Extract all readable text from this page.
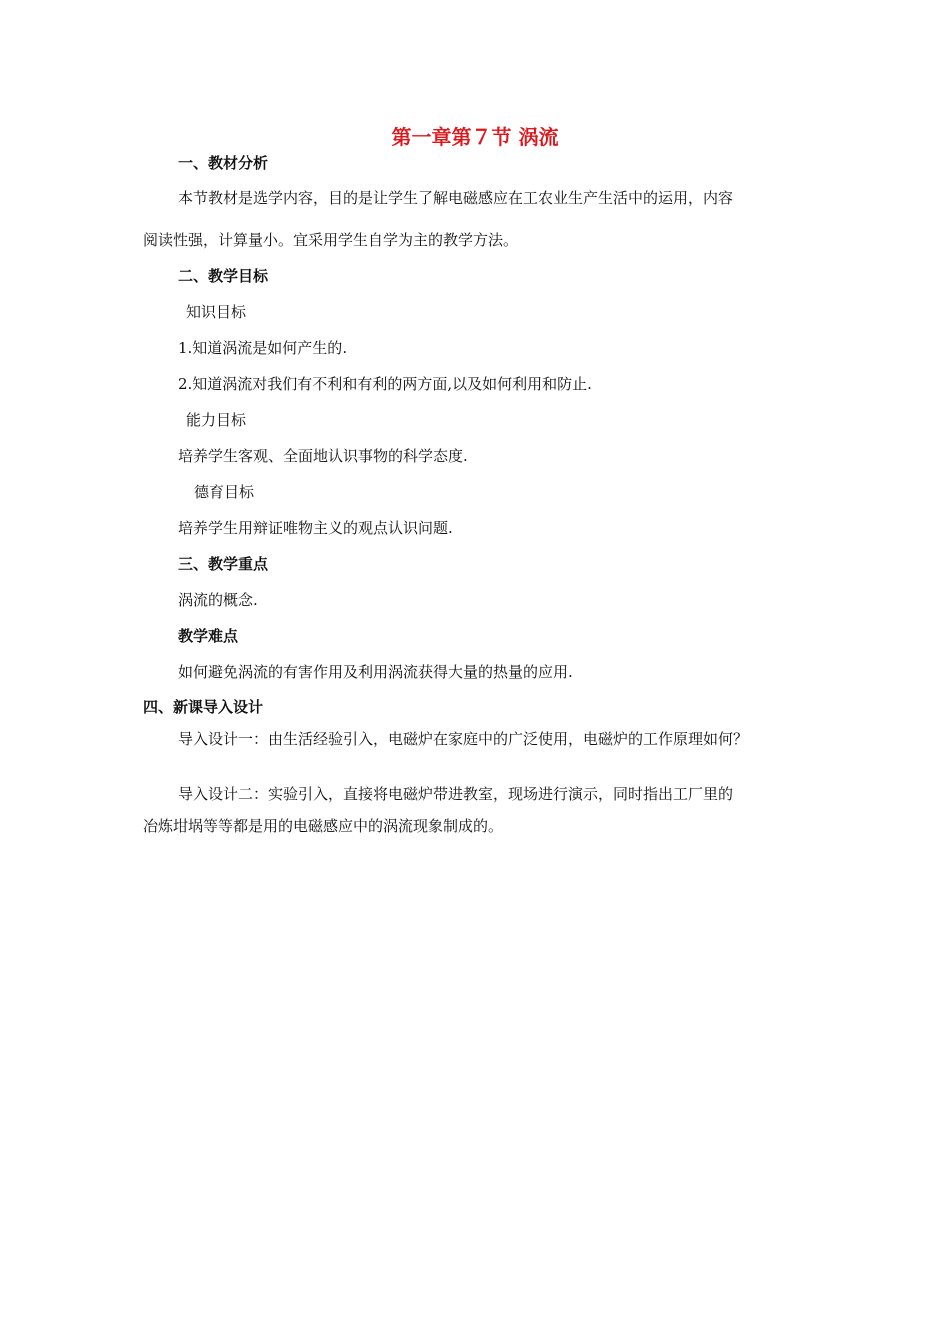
第一章第７节 涡流
一、教材分析
本节教材是选学内容，目的是让学生了解电磁感应在工农业生产生活中的运用，内容
阅读性强，计算量小。宜采用学生自学为主的教学方法。
二、教学目标
知识目标
1.知道涡流是如何产生的.
2.知道涡流对我们有不利和有利的两方面,以及如何利用和防止.
能力目标
培养学生客观、全面地认识事物的科学态度.
德育目标
培养学生用辩证唯物主义的观点认识问题.
三、教学重点
涡流的概念.
教学难点
如何避免涡流的有害作用及利用涡流获得大量的热量的应用.
四、新课导入设计
导入设计一：由生活经验引入，电磁炉在家庭中的广泛使用，电磁炉的工作原理如何？
导入设计二：实验引入，直接将电磁炉带进教室，现场进行演示，同时指出工厂里的
冶炼坩埚等等都是用的电磁感应中的涡流现象制成的。
